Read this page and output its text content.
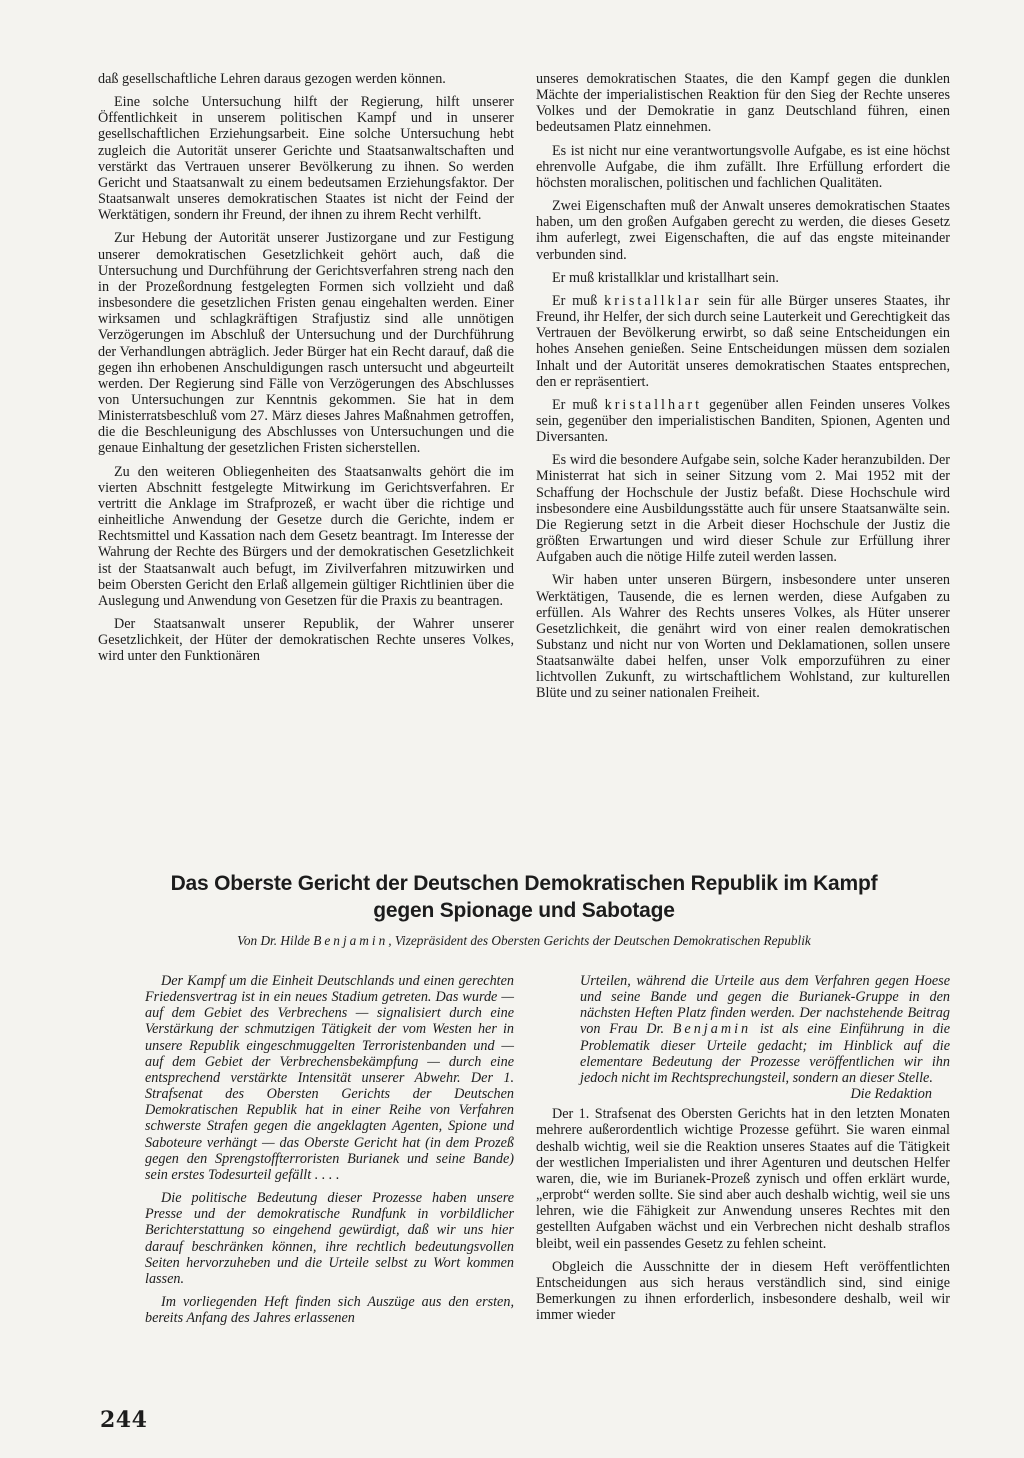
daß gesellschaftliche Lehren daraus gezogen werden können.

Eine solche Untersuchung hilft der Regierung, hilft unserer Öffentlichkeit in unserem politischen Kampf und in unserer gesellschaftlichen Erziehungsarbeit. Eine solche Untersuchung hebt zugleich die Autorität unserer Gerichte und Staatsanwaltschaften und verstärkt das Vertrauen unserer Bevölkerung zu ihnen. So werden Gericht und Staatsanwalt zu einem bedeutsamen Erziehungsfaktor. Der Staatsanwalt unseres demokratischen Staates ist nicht der Feind der Werktätigen, sondern ihr Freund, der ihnen zu ihrem Recht verhilft.

Zur Hebung der Autorität unserer Justizorgane und zur Festigung unserer demokratischen Gesetzlichkeit gehört auch, daß die Untersuchung und Durchführung der Gerichtsverfahren streng nach den in der Prozeßordnung festgelegten Formen sich vollzieht und daß insbesondere die gesetzlichen Fristen genau eingehalten werden. Einer wirksamen und schlagkräftigen Strafjustiz sind alle unnötigen Verzögerungen im Abschluß der Untersuchung und der Durchführung der Verhandlungen abträglich. Jeder Bürger hat ein Recht darauf, daß die gegen ihn erhobenen Anschuldigungen rasch untersucht und abgeurteilt werden. Der Regierung sind Fälle von Verzögerungen des Abschlusses von Untersuchungen zur Kenntnis gekommen. Sie hat in dem Ministerratsbeschluß vom 27. März dieses Jahres Maßnahmen getroffen, die die Beschleunigung des Abschlusses von Untersuchungen und die genaue Einhaltung der gesetzlichen Fristen sicherstellen.

Zu den weiteren Obliegenheiten des Staatsanwalts gehört die im vierten Abschnitt festgelegte Mitwirkung im Gerichtsverfahren. Er vertritt die Anklage im Strafprozeß, er wacht über die richtige und einheitliche Anwendung der Gesetze durch die Gerichte, indem er Rechtsmittel und Kassation nach dem Gesetz beantragt. Im Interesse der Wahrung der Rechte des Bürgers und der demokratischen Gesetzlichkeit ist der Staatsanwalt auch befugt, im Zivilverfahren mitzuwirken und beim Obersten Gericht den Erlaß allgemein gültiger Richtlinien über die Auslegung und Anwendung von Gesetzen für die Praxis zu beantragen.

Der Staatsanwalt unserer Republik, der Wahrer unserer Gesetzlichkeit, der Hüter der demokratischen Rechte unseres Volkes, wird unter den Funktionären

unseres demokratischen Staates, die den Kampf gegen die dunklen Mächte der imperialistischen Reaktion für den Sieg der Rechte unseres Volkes und der Demokratie in ganz Deutschland führen, einen bedeutsamen Platz einnehmen.

Es ist nicht nur eine verantwortungsvolle Aufgabe, es ist eine höchst ehrenvolle Aufgabe, die ihm zufällt. Ihre Erfüllung erfordert die höchsten moralischen, politischen und fachlichen Qualitäten.

Zwei Eigenschaften muß der Anwalt unseres demokratischen Staates haben, um den großen Aufgaben gerecht zu werden, die dieses Gesetz ihm auferlegt, zwei Eigenschaften, die auf das engste miteinander verbunden sind.

Er muß kristallklar und kristallhart sein.

Er muß kristallklar sein für alle Bürger unseres Staates, ihr Freund, ihr Helfer, der sich durch seine Lauterkeit und Gerechtigkeit das Vertrauen der Bevölkerung erwirbt, so daß seine Entscheidungen ein hohes Ansehen genießen. Seine Entscheidungen müssen dem sozialen Inhalt und der Autorität unseres demokratischen Staates entsprechen, den er repräsentiert.

Er muß kristallhart gegenüber allen Feinden unseres Volkes sein, gegenüber den imperialistischen Banditen, Spionen, Agenten und Diversanten.

Es wird die besondere Aufgabe sein, solche Kader heranzubilden. Der Ministerrat hat sich in seiner Sitzung vom 2. Mai 1952 mit der Schaffung der Hochschule der Justiz befaßt. Diese Hochschule wird insbesondere eine Ausbildungsstätte auch für unsere Staatsanwälte sein. Die Regierung setzt in die Arbeit dieser Hochschule der Justiz die größten Erwartungen und wird dieser Schule zur Erfüllung ihrer Aufgaben auch die nötige Hilfe zuteil werden lassen.

Wir haben unter unseren Bürgern, insbesondere unter unseren Werktätigen, Tausende, die es lernen werden, diese Aufgaben zu erfüllen. Als Wahrer des Rechts unseres Volkes, als Hüter unserer Gesetzlichkeit, die genährt wird von einer realen demokratischen Substanz und nicht nur von Worten und Deklamationen, sollen unsere Staatsanwälte dabei helfen, unser Volk emporzuführen zu einer lichtvollen Zukunft, zu wirtschaftlichem Wohlstand, zur kulturellen Blüte und zu seiner nationalen Freiheit.

Das Oberste Gericht der Deutschen Demokratischen Republik im Kampf
gegen Spionage und Sabotage
Von Dr. Hilde Benjamin, Vizepräsident des Obersten Gerichts der Deutschen Demokratischen Republik

Der Kampf um die Einheit Deutschlands und einen gerechten Friedensvertrag ist in ein neues Stadium getreten. Das wurde — auf dem Gebiet des Verbrechens — signalisiert durch eine Verstärkung der schmutzigen Tätigkeit der vom Westen her in unsere Republik eingeschmuggelten Terroristenbanden und — auf dem Gebiet der Verbrechensbekämpfung — durch eine entsprechend verstärkte Intensität unserer Abwehr. Der 1. Strafsenat des Obersten Gerichts der Deutschen Demokratischen Republik hat in einer Reihe von Verfahren schwerste Strafen gegen die angeklagten Agenten, Spione und Saboteure verhängt — das Oberste Gericht hat (in dem Prozeß gegen den Sprengstoffterroristen Burianek und seine Bande) sein erstes Todesurteil gefällt . . . .

Die politische Bedeutung dieser Prozesse haben unsere Presse und der demokratische Rundfunk in vorbildlicher Berichterstattung so eingehend gewürdigt, daß wir uns hier darauf beschränken können, ihre rechtlich bedeutungsvollen Seiten hervorzuheben und die Urteile selbst zu Wort kommen lassen.

Im vorliegenden Heft finden sich Auszüge aus den ersten, bereits Anfang des Jahres erlassenen

Urteilen, während die Urteile aus dem Verfahren gegen Hoese und seine Bande und gegen die Burianek-Gruppe in den nächsten Heften Platz finden werden. Der nachstehende Beitrag von Frau Dr. Benjamin ist als eine Einführung in die Problematik dieser Urteile gedacht; im Hinblick auf die elementare Bedeutung der Prozesse veröffentlichen wir ihn jedoch nicht im Rechtsprechungsteil, sondern an dieser Stelle.

Die Redaktion

Der 1. Strafsenat des Obersten Gerichts hat in den letzten Monaten mehrere außerordentlich wichtige Prozesse geführt. Sie waren einmal deshalb wichtig, weil sie die Reaktion unseres Staates auf die Tätigkeit der westlichen Imperialisten und ihrer Agenturen und deutschen Helfer waren, die, wie im Burianek-Prozeß zynisch und offen erklärt wurde, „erprobt“ werden sollte. Sie sind aber auch deshalb wichtig, weil sie uns lehren, wie die Fähigkeit zur Anwendung unseres Rechtes mit den gestellten Aufgaben wächst und ein Verbrechen nicht deshalb straflos bleibt, weil ein passendes Gesetz zu fehlen scheint.

Obgleich die Ausschnitte der in diesem Heft veröffentlichten Entscheidungen aus sich heraus verständlich sind, sind einige Bemerkungen zu ihnen erforderlich, insbesondere deshalb, weil wir immer wieder

244
